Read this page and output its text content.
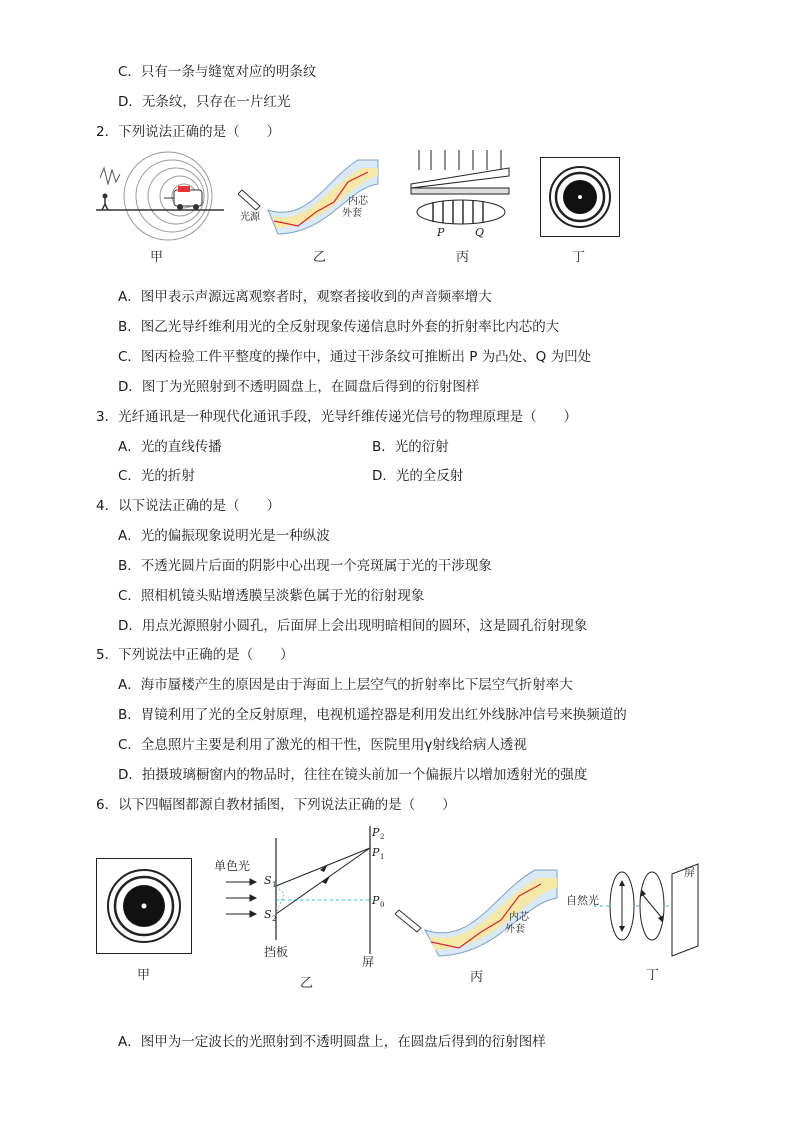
C．只有一条与缝宽对应的明条纹
D．无条纹，只存在一片红光
2．下列说法正确的是（　　）
甲
光源
内芯
外套
乙
P	Q
丙	丁
A．图甲表示声源远离观察者时，观察者接收到的声音频率增大
B．图乙光导纤维利用光的全反射现象传递信息时外套的折射率比内芯的大
C．图丙检验工件平整度的操作中，通过干涉条纹可推断出 P 为凸处、Q 为凹处
D．图丁为光照射到不透明圆盘上，在圆盘后得到的衍射图样
3．光纤通讯是一种现代化通讯手段，光导纤维传递光信号的物理原理是（　　）
A．光的直线传播	B．光的衍射
C．光的折射	D．光的全反射
4．以下说法正确的是（　　）
A．光的偏振现象说明光是一种纵波
B．不透光圆片后面的阴影中心出现一个亮斑属于光的干涉现象
C．照相机镜头贴增透膜呈淡紫色属于光的衍射现象
D．用点光源照射小圆孔，后面屏上会出现明暗相间的圆环，这是圆孔衍射现象
5．下列说法中正确的是（　　）
A．海市蜃楼产生的原因是由于海面上上层空气的折射率比下层空气折射率大
B．胃镜利用了光的全反射原理，电视机遥控器是利用发出红外线脉冲信号来换频道的
C．全息照片主要是利用了激光的相干性，医院里用γ射线给病人透视
D．拍摄玻璃橱窗内的物品时，往往在镜头前加一个偏振片以增加透射光的强度
6．以下四幅图都源自教材插图，下列说法正确的是（　　）
甲
单色光
S 1
S 2
P 2
P 1
P 0
挡板
屏
乙
内芯
外套
丙
自然光
屏
丁
A．图甲为一定波长的光照射到不透明圆盘上，在圆盘后得到的衍射图样
